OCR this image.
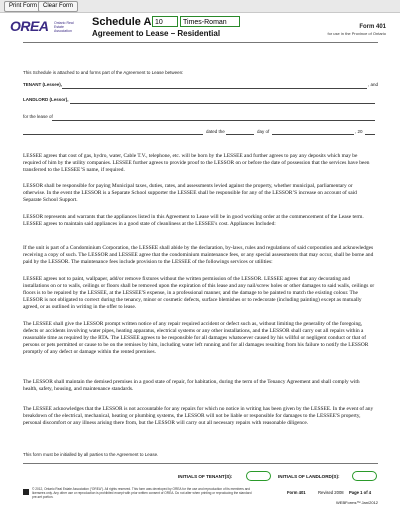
Print Form Clear Form
OREA Ontario Real Estate Association
Schedule A 10	Times-Roman
Agreement to Lease – Residential
Form 401
for use in the Province of Ontario
This Schedule is attached to and forms part of the Agreement to Lease between:
TENANT (Lessee),	, and
LANDLORD (Lessor),
for the lease of
dated the	day of	, 20

LESSEE agrees that cost of gas, hydro, water, Cable T.V., telephone, etc. will be born by the LESSEE and further agrees to pay any deposits which may be required of him by the utility companies. LESSEE further agrees to provide proof to the LESSOR on or before the date of possession that the services have been transferred to the LESSEE’S name, if required.

LESSOR shall be responsible for paying Municipal taxes, duties, rates, and assessments levied against the property, whether municipal, parliamentary or otherwise. In the event the LESSOR is a Separate School supporter the LESSEE shall be responsible for any of the LESSOR’S increase on account of said Separate School Support.

LESSOR represents and warrants that the appliances listed in this Agreement to Lease will be in good working order at the commencement of the Lease term. LESSEE agrees to maintain said appliances in a good state of cleanliness at the LESSEE's cost. Appliances Included:

If the unit is part of a Condominium Corporation, the LESSEE shall abide by the declaration, by-laws, rules and regulations of said corporation and acknowledges receiving a copy of such. The LESSOR and LESSEE agree that the condominium maintenance fees, or any special assessments that may occur, shall be borne and paid by the LESSOR. The maintenance fees include provision to the LESSEE of the followings services or utilities:

LESSEE agrees not to paint, wallpaper, add/or remove fixtures without the written permission of the LESSOR. LESSEE agrees that any decorating and installations on or to walls, ceilings or floors shall be removed upon the expiration of this lease and any nail/screw holes or other damages to said walls, ceilings or floors is to be repaired by the LESSEE, at the LESSEE'S expense, in a professional manner, and the damage to be painted to match the existing colour. The LESSOR is not obligated to correct during the tenancy, minor or cosmetic defects, surface blemishes or to redecorate (including painting) except as mutually agreed, or as outlined in writing in the offer to lease.

The LESSEE shall give the LESSOR prompt written notice of any repair required accident or defect such as, without limiting the generality of the foregoing, defects or accidents involving water pipes, heating apparatus, electrical systems or any other installations, and the LESSOR shall carry out all repairs within a reasonable time as required by the RTA. The LESSEE agrees to be responsible for all damages whatsoever caused by his willful or negligent conduct or that of persons or pets permitted or cause to be on the remises by him, including water left running and for all damages resulting from his failure to notify the LESSOR promptly of any defect or damage within the rented premises.

The LESSOR shall maintain the demised premises in a good state of repair, for habitation, during the term of the Tenancy Agreement and shall comply with health, safety, housing, and maintenance standards.

The LESSEE acknowledges that the LESSOR is not accountable for any repairs for which no notice in writing has been given by the LESSEE. In the event of any breakdown of the electrical, mechanical, heating or plumbing systems, the LESSOR will not be liable or responsible for damages to the LESSEE'S property, personal discomfort or any illness arising there from, but the LESSOR will carry out all necessary repairs with reasonable diligence.

This form must be initialled by all parties to the Agreement to Lease.
INITIALS OF TENANT(S):	INITIALS OF LANDLORD(S):
© 2012, Ontario Real Estate Association (“OREA”). All rights reserved. This form was developed by OREA for the use and reproduction of its members and licensees only. Any other use or reproduction is prohibited except with prior written consent of OREA. Do not alter when printing or reproducing the standard pre-set portion.
Form 401	Revised 2008 Page 1 of 4
WEBForms™ Jan/2012
